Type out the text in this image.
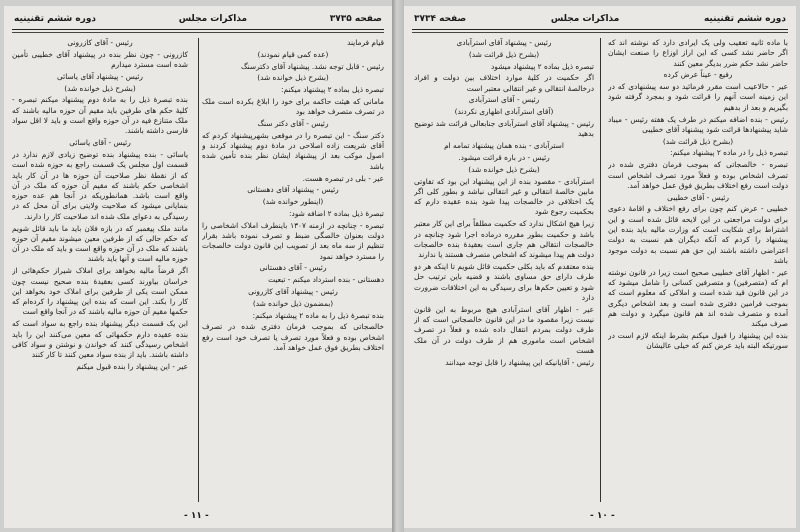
صفحه ۳۷۳۵
مذاکرات مجلس
دوره ششم تقنینیه

قیام فرمایند

(عده کمی قیام نمودند)

رئیس - قابل توجه نشد. پیشنهاد آقای دکترسنگ

(بشرح ذیل خوانده شد)

تبصره ذیل بماده ۲ پیشنهاد میکنم:

مامانی که هیئت حاکمه برای خود را ابلاغ بکرده است ملک در تصرف متصرف خواهد بود

رئیس - آقای دکتر سنگ

دکتر سنگ - این تبصره را در موقعی بشهرپیشنهاد کردم که آقای شریعت زاده اصلاحی در مادهٔ دوم پیشنهاد کردند و اصول موکب بعد از پیشنهاد ایشان نظر بنده تأمین شده باشد

عیر - بلی در تبصره هست.

رئیس - پیشنهاد آقای دهستانی

(اینطور خوانده شد)

تبصرهٔ ذیل بماده ۲ اضافه شود:

تبصره - چنانچه در ازمنه ۱۳۰۷ باینطرف املاک اشخاصی را دولت بعنوان خالصگی ضبط و تصرف نموده باشد بقرار تنظیم از سه ماه بعد از تصویب این قانون دولت خالصجات را مسترد خواهد نمود

رئیس - آقای دهستانی

دهستانی - بنده استرداد میکنم - تبعیت

رئیس - پیشنهاد آقای کازرونی

(بمضمون ذیل خوانده شد)

بنده تبصرهٔ ذیل را به ماده ۲ پیشنهاد میکنم:

خالصجاتی که بموجب فرمان دفتری شده در تصرف اشخاص بوده و فعلاً مورد تصرف یا تصرف خود است رفع اختلاف بطریق فوق عمل خواهد آمد.

رئیس - آقای کازرونی

کازرونی - چون نظر بنده در پیشنهاد آقای خطیبی تأمین شده است مسترد میدارم

رئیس - پیشنهاد آقای یاسائی

(بشرح ذیل خوانده شد)

بنده تبصرهٔ ذیل را به مادهٔ دوم پیشنهاد میکنم تبصره - کلیهٔ حکم های طرفین باید مقیم آن حوزه مالیه باشند که ملک متنازع فیه در آن حوزه واقع است و باید لا اقل سواد فارسی داشته باشند.

رئیس - آقای یاسائی

یاسائی - بنده پیشنهاد بنده توضیح زیادی لازم ندارد در قسمت اول مجلس یک قسمت راجع به حوزه شده است که از نقطهٔ نظر صلاحیت آن حوزه ها در آن کار باید اشخاصی حکم باشند که مقیم آن حوزه که ملک در آن واقع است باشد. همانطوریکه در آنجا هم عده حوزه بنمایانی میشود که صلاحیت ولایتی برای آن محل که در رسیدگی به دعوای ملک شده اند صلاحیت کار را دارند.

مانند ملک پیغمبر که در بازه فلان باید ما باید قائل شویم که حکم حالی که از طرفین معین میشوند مقیم آن حوزه باشند که ملک در آن حوزه واقع است و باید که ملک در آن حوزه مالیه است و آنها باید باشند

اگر قرضاً مالیه بخواهد برای املاک شیراز حکم‌هائی از خراسان بیاورند کسی بعقیدهٔ بنده صحیح نیست چون ممکن است یکی از طرفین برای املاک خود بخواهد این کار را بکند. این است که بنده این پیشنهاد را کرده‌ام که حکمها مقیم آن حوزه مالیه باشند که در آنجا واقع است

ابن یک قسمت دیگر پیشنهاد بنده راجع به سواد است که بنده عقیده دارم حکمهائی که معین می‌کنند این را باید اشخاص رسیدگی کنند که خواندن و نوشتن و سواد کافی داشته باشند. باید از بنده سواد معین کنند تا کار کنند

عیر - این پیشنهاد را بنده قبول میکنم

- ۱۱ -
دوره ششم تقنینیه
مذاکرات مجلس
صفحه ۳۷۳۴

با ماده ثانیه تعقیب ولی یک ایرادی دارد که نوشته اند که اگر حاضر نشد کسی که این اراز اوزاع را صنعت ایشان حاضر نشد حکم ضرر بدیگر معین کنند

رفیع - عیناً عرض کرده

عیر - حالاعیب است مقرر فرمائید دو سه پیشنهادی که در این زمینه است آنهم را قرائت شود و بمجرد گرفته شود بگیریم و بعد از بدهیم

رئیس - بنده اضافه میکنم در طرف یک هفته رئیس - میباد شاید پیشنهادها قرائت شود پیشنهاد آقای خطیبی

(بشرح ذیل قرائت شد)

تبصره ذیل را در ماده ۲ پیشنهاد میکنم:

تبصره - خالصجاتی که بموجب فرمان دفتری شده در تصرف اشخاص بوده و فعلاً مورد تصرف اشخاص است دولت است رفع اختلاف بطریق فوق عمل خواهد آمد.

رئیس - آقای خطیبی

خطیبی - عرض کنم چون برای رفع اختلاف و اقامهٔ دعوی برای دولت مراجعتی در این لایحه قائل شده است و این اشتراط برای شکایت است که وزارت مالیه باید بنده این پیشنهاد را کردم که آنکه دیگران هم نسبت به دولت اعتراضی داشته باشند این حق هم نسبت به دولت موجود باشد

عیر - اظهار آقای خطیبی صحیح است زیرا در قانون نوشته ام که (متصرفین) و متصرفین کسانی را شامل میشود که در این قانون قید شده است و املاکی که معلوم است که بموجب فرامین دفتری شده است و بعد اشخاص دیگری آمده و متصرف شده اند هم قانون میگیرد و دولت هم صرف میکند

بنده این پیشنهاد را قبول میکنم بشرط اینکه لازم است در سورتیکه البته باید عرض کنم که خیلی عالیشان

رئیس - پیشنهاد آقای استرآبادی

(بشرح ذیل قرائت شد)

تبصره ذیل بماده ۲ پیشنهاد میشود

اگر حکمیت در کلیهٔ موارد اختلاف بین دولت و افراد درخالصهٔ انتقالی و غیر انتقالی معتبر است

رئیس - آقای استرآبادی

(آقای استرآبادی اظهاری نکردند)

رئیس - پیشنهاد آقای استرآبادی جنابعالی قرائت شد توضیح بدهید

استرآبادی - بنده همان پیشنهاد تمامه ام

رئیس - در باره قرائت میشود.

(بشرح ذیل خوانده شد)

استرآبادی - مقصود بنده از این پیشنهاد این بود که تفاوتی مابین خالصهٔ انتقالی و غیر انتقالی نباشد و بطور کلی اگر یک اختلافی در خالصجات پیدا شود بنده عقیده دارم که بحکمیت رجوع شود

زیرا هیچ اشکال ندارد که حکمیت مطلقاً برای این کار معتبر باشد و حکمیت بطور مقرره درماده اجرا شود چنانچه در خالصجات انتقالی هم جاری است بعقیدهٔ بنده خالصجات دولت هم پیدا میشوند که اشخاص متصرف هستند یا ندارند

بنده معتقدم که باید بکلی حکمیت قائل شویم تا اینکه هر دو طرف دارای حق مساوی باشند و قضیه باین ترتیب حل شود و تعیین حکم‌ها برای رسیدگی به این اختلافات ضرورت دارد

عیر - اظهار آقای استرآبادی هیچ مربوط به این قانون نیست زیرا مقصود ما در این قانون خالصجاتی است که از طرف دولت بمردم انتقال داده شده و فعلاً در تصرف اشخاص است ماموری هم از طرف دولت در آن ملک هست

رئیس - آقایانیکه این پیشنهاد را قابل توجه میدانند

- ۱۰ -
